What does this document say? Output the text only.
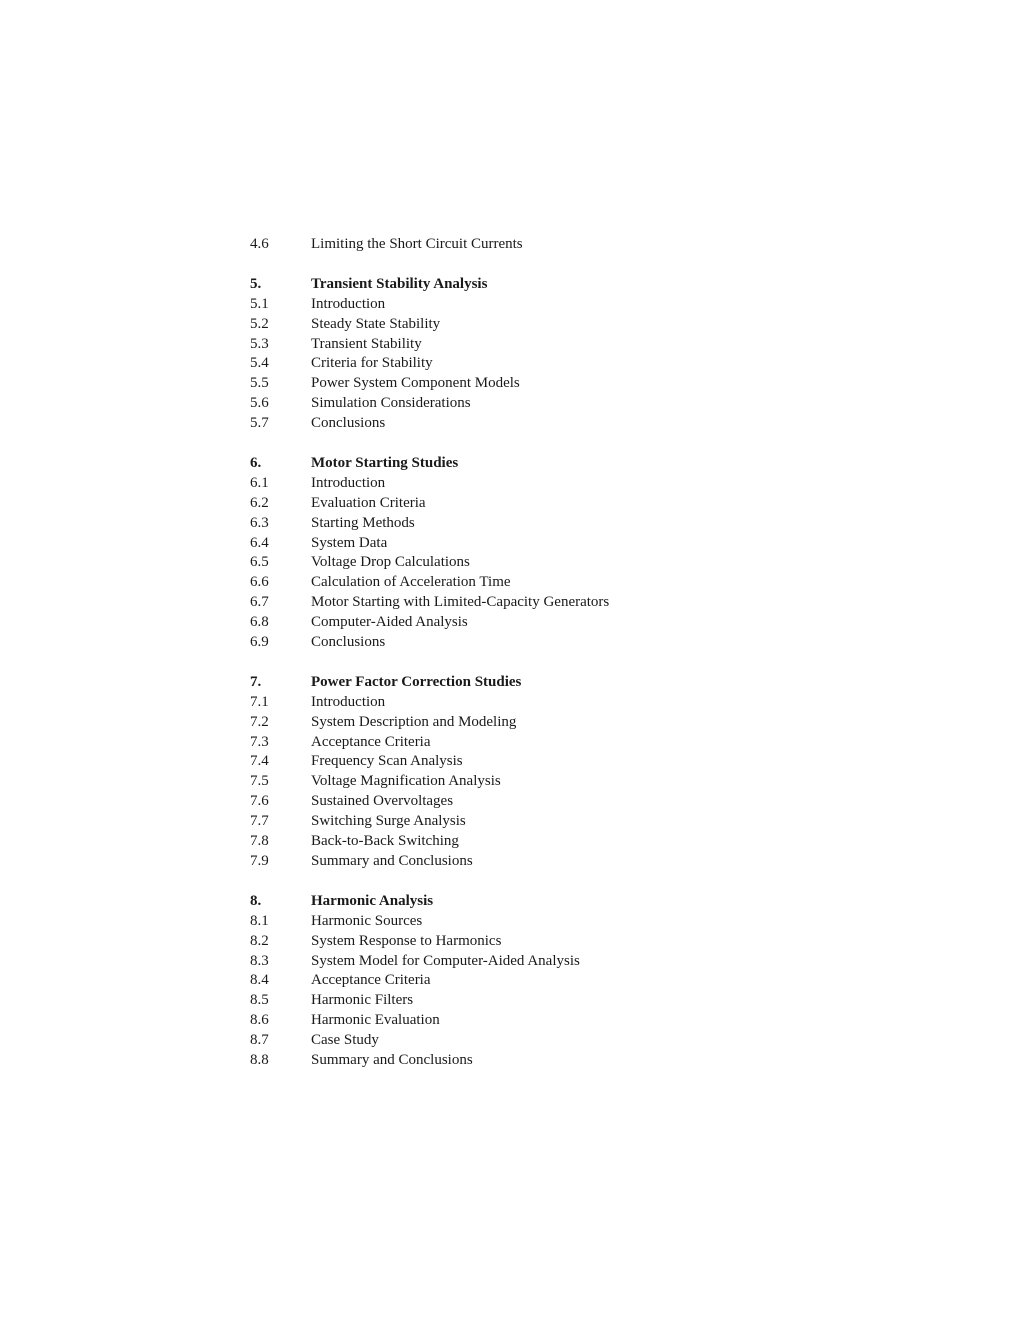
4.6	Limiting the Short Circuit Currents
5.	Transient Stability Analysis
5.1	Introduction
5.2	Steady State Stability
5.3	Transient Stability
5.4	Criteria for Stability
5.5	Power System Component Models
5.6	Simulation Considerations
5.7	Conclusions
6.	Motor Starting Studies
6.1	Introduction
6.2	Evaluation Criteria
6.3	Starting Methods
6.4	System Data
6.5	Voltage Drop Calculations
6.6	Calculation of Acceleration Time
6.7	Motor Starting with Limited-Capacity Generators
6.8	Computer-Aided Analysis
6.9	Conclusions
7.	Power Factor Correction Studies
7.1	Introduction
7.2	System Description and Modeling
7.3	Acceptance Criteria
7.4	Frequency Scan Analysis
7.5	Voltage Magnification Analysis
7.6	Sustained Overvoltages
7.7	Switching Surge Analysis
7.8	Back-to-Back Switching
7.9	Summary and Conclusions
8.	Harmonic Analysis
8.1	Harmonic Sources
8.2	System Response to Harmonics
8.3	System Model for Computer-Aided Analysis
8.4	Acceptance Criteria
8.5	Harmonic Filters
8.6	Harmonic Evaluation
8.7	Case Study
8.8	Summary and Conclusions
